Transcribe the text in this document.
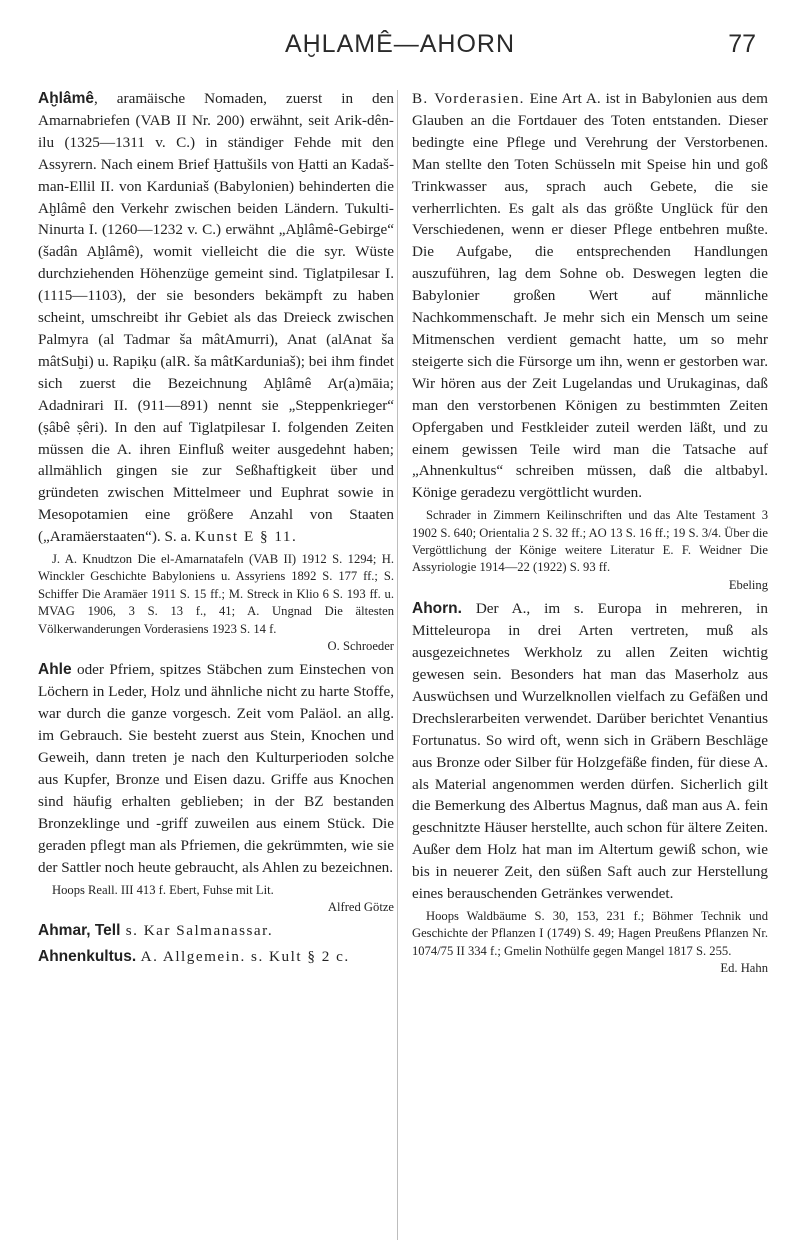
AḪLAMÊ—AHORN	77
Aḫlâmê, aramäische Nomaden, zuerst in den Amarnabriefen (VAB II Nr. 200) erwähnt, seit Arik-dên-ilu (1325—1311 v. C.) in ständiger Fehde mit den Assyrern. Nach einem Brief Ḫattušils von Ḫatti an Kadaš-man-Ellil II. von Karduniaš (Babylonien) behinderten die Aḫlâmê den Verkehr zwischen beiden Ländern. Tukulti-Ninurta I. (1260—1232 v. C.) erwähnt „Aḫlâmê-Gebirge“ (šadân Aḫlâmê), womit vielleicht die die syr. Wüste durchziehenden Höhenzüge gemeint sind. Tiglatpilesar I. (1115—1103), der sie besonders bekämpft zu haben scheint, umschreibt ihr Gebiet als das Dreieck zwischen Palmyra (al Tadmar ša mâtAmurri), Anat (alAnat ša mâtSuḫi) u. Rapiḳu (alR. ša mâtKarduniaš); bei ihm findet sich zuerst die Bezeichnung Aḫlâmê Ar(a)māia; Adadnirari II. (911—891) nennt sie „Steppenkrieger“ (ṣâbê ṣêri). In den auf Tiglatpilesar I. folgenden Zeiten müssen die A. ihren Einfluß weiter ausgedehnt haben; allmählich gingen sie zur Seßhaftigkeit über und gründeten zwischen Mittelmeer und Euphrat sowie in Mesopotamien eine größere Anzahl von Staaten („Aramäerstaaten“). S. a. Kunst E § 11.

J. A. Knudtzon Die el-Amarnatafeln (VAB II) 1912 S. 1294; H. Winckler Geschichte Babyloniens u. Assyriens 1892 S. 177 ff.; S. Schiffer Die Aramäer 1911 S. 15 ff.; M. Streck in Klio 6 S. 193 ff. u. MVAG 1906, 3 S. 13 f., 41; A. Ungnad Die ältesten Völkerwanderungen Vorderasiens 1923 S. 14 f.

O. Schroeder

Ahle oder Pfriem, spitzes Stäbchen zum Einstechen von Löchern in Leder, Holz und ähnliche nicht zu harte Stoffe, war durch die ganze vorgesch. Zeit vom Paläol. an allg. im Gebrauch. Sie besteht zuerst aus Stein, Knochen und Geweih, dann treten je nach den Kulturperioden solche aus Kupfer, Bronze und Eisen dazu. Griffe aus Knochen sind häufig erhalten geblieben; in der BZ bestanden Bronzeklinge und -griff zuweilen aus einem Stück. Die geraden pflegt man als Pfriemen, die gekrümmten, wie sie der Sattler noch heute gebraucht, als Ahlen zu bezeichnen.

Hoops Reall. III 413 f. Ebert, Fuhse mit Lit.

Alfred Götze

Ahmar, Tell s. Kar Salmanassar.
Ahnenkultus. A. Allgemein. s. Kult § 2 c.
B. Vorderasien. Eine Art A. ist in Babylonien aus dem Glauben an die Fortdauer des Toten entstanden. Dieser bedingte eine Pflege und Verehrung der Verstorbenen. Man stellte den Toten Schüsseln mit Speise hin und goß Trinkwasser aus, sprach auch Gebete, die sie verherrlichten. Es galt als das größte Unglück für den Verschiedenen, wenn er dieser Pflege entbehren mußte. Die Aufgabe, die entsprechenden Handlungen auszuführen, lag dem Sohne ob. Deswegen legten die Babylonier großen Wert auf männliche Nachkommenschaft. Je mehr sich ein Mensch um seine Mitmenschen verdient gemacht hatte, um so mehr steigerte sich die Fürsorge um ihn, wenn er gestorben war. Wir hören aus der Zeit Lugelandas und Urukaginas, daß man den verstorbenen Königen zu bestimmten Zeiten Opfergaben und Festkleider zuteil werden läßt, und zu einem gewissen Teile wird man die Tatsache auf „Ahnenkultus“ schreiben müssen, daß die altbabyl. Könige geradezu vergöttlicht wurden.

Schrader in Zimmern Keilinschriften und das Alte Testament 3 1902 S. 640; Orientalia 2 S. 32 ff.; AO 13 S. 16 ff.; 19 S. 3/4. Über die Vergöttlichung der Könige weitere Literatur E. F. Weidner Die Assyriologie 1914—22 (1922) S. 93 ff.

Ebeling

Ahorn. Der A., im s. Europa in mehreren, in Mitteleuropa in drei Arten vertreten, muß als ausgezeichnetes Werkholz zu allen Zeiten wichtig gewesen sein. Besonders hat man das Maserholz aus Auswüchsen und Wurzelknollen vielfach zu Gefäßen und Drechslerarbeiten verwendet. Darüber berichtet Venantius Fortunatus. So wird oft, wenn sich in Gräbern Beschläge aus Bronze oder Silber für Holzgefäße finden, für diese A. als Material angenommen werden dürfen. Sicherlich gilt die Bemerkung des Albertus Magnus, daß man aus A. fein geschnitzte Häuser herstellte, auch schon für ältere Zeiten. Außer dem Holz hat man im Altertum gewiß schon, wie bis in neuerer Zeit, den süßen Saft auch zur Herstellung eines berauschenden Getränkes verwendet.

Hoops Waldbäume S. 30, 153, 231 f.; Böhmer Technik und Geschichte der Pflanzen I (1749) S. 49; Hagen Preußens Pflanzen Nr. 1074/75 II 334 f.; Gmelin Nothülfe gegen Mangel 1817 S. 255.

Ed. Hahn
